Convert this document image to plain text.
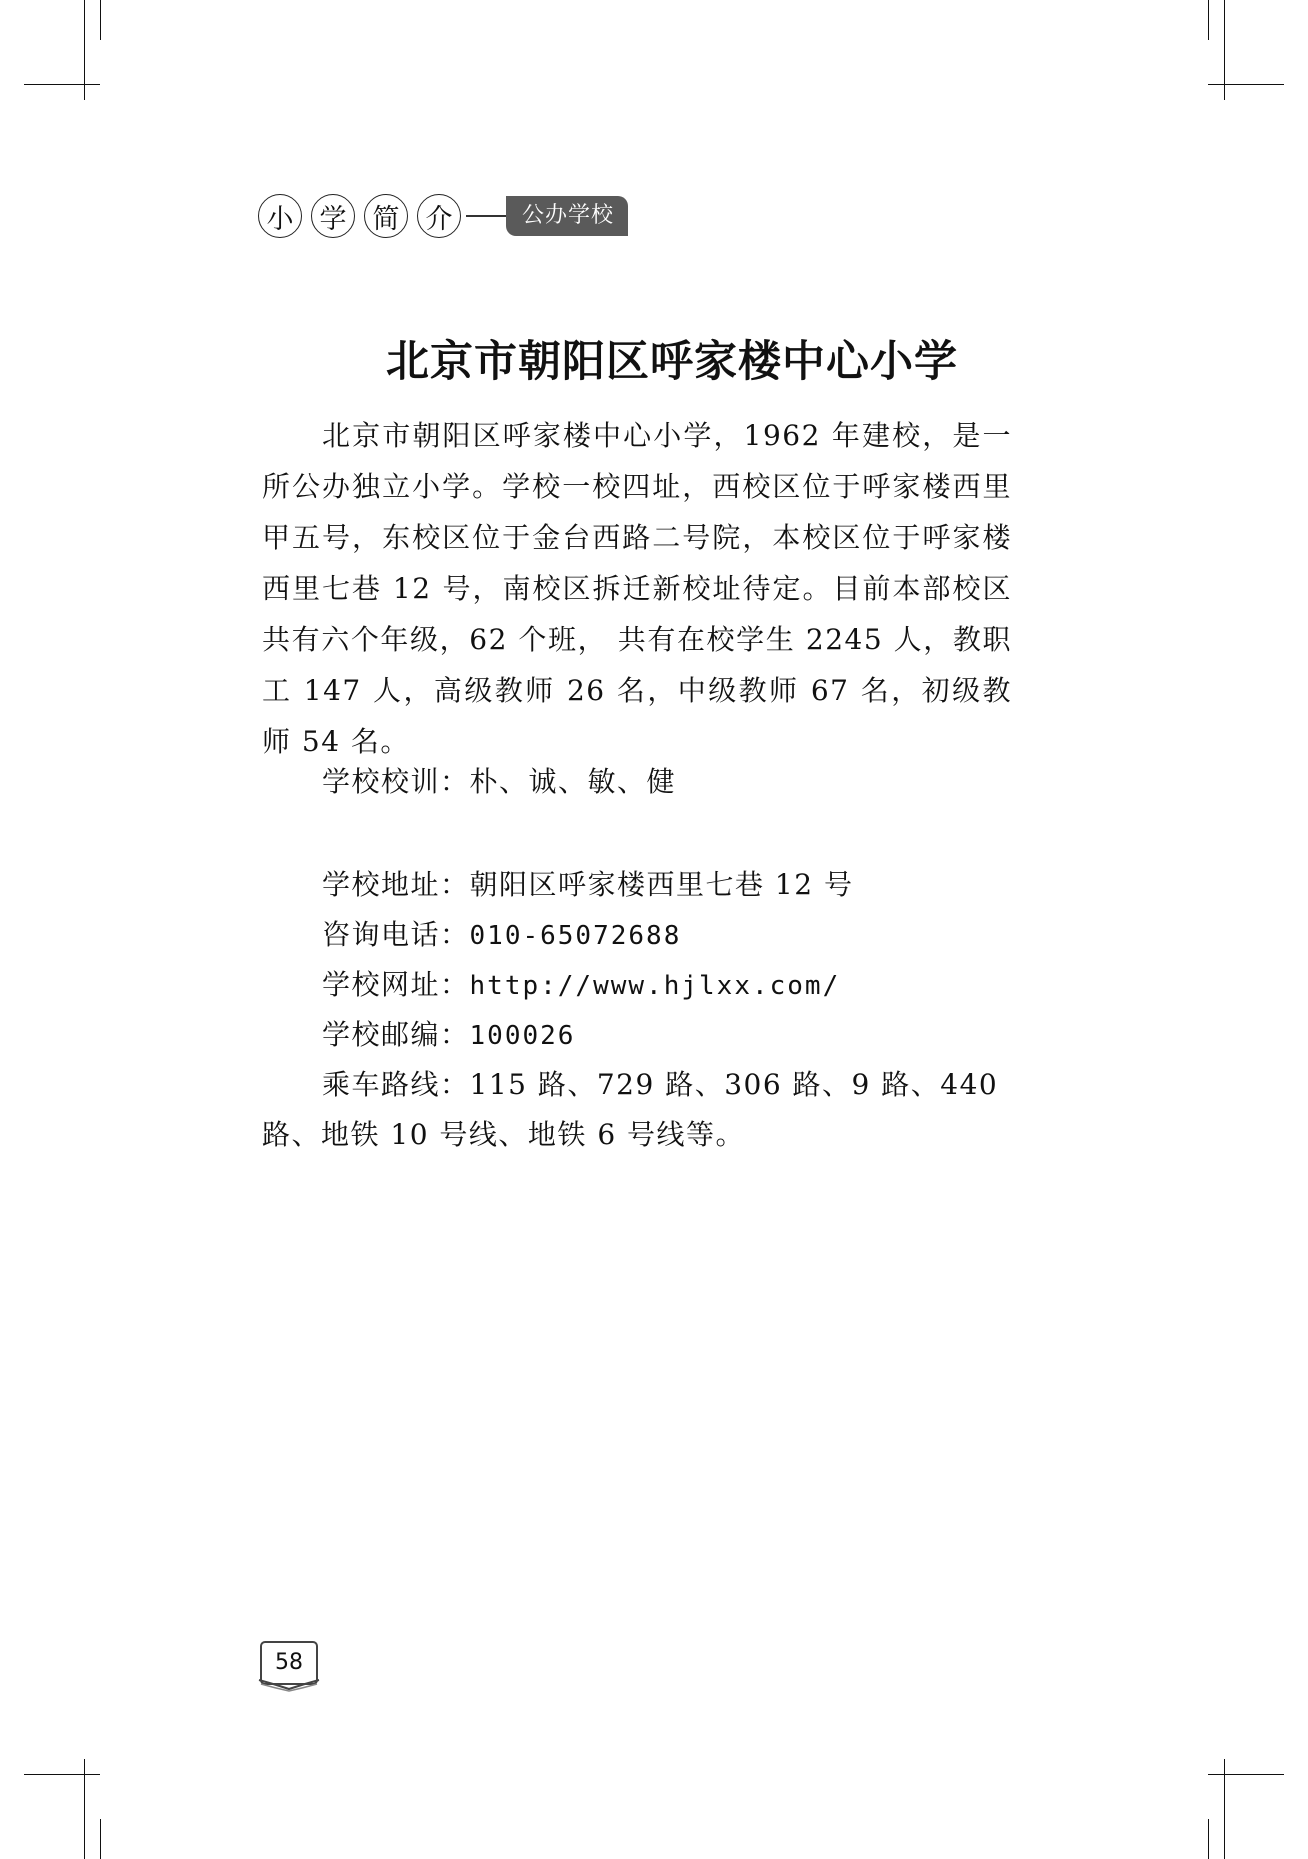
小 学 简 介	公办学校
北京市朝阳区呼家楼中心小学

北京市朝阳区呼家楼中心小学，1962 年建校，是一所公办独立小学。学校一校四址，西校区位于呼家楼西里甲五号，东校区位于金台西路二号院，本校区位于呼家楼西里七巷 12 号，南校区拆迁新校址待定。目前本部校区共有六个年级，62 个班， 共有在校学生 2245 人，教职工 147 人，高级教师 26 名，中级教师 67 名，初级教师 54 名。

学校校训：朴、诚、敏、健
学校地址：朝阳区呼家楼西里七巷 12 号
咨询电话：010-65072688
学校网址：http://www.hjlxx.com/
学校邮编：100026

乘车路线：115 路、729 路、306 路、9 路、440 路、地铁 10 号线、地铁 6 号线等。

58
